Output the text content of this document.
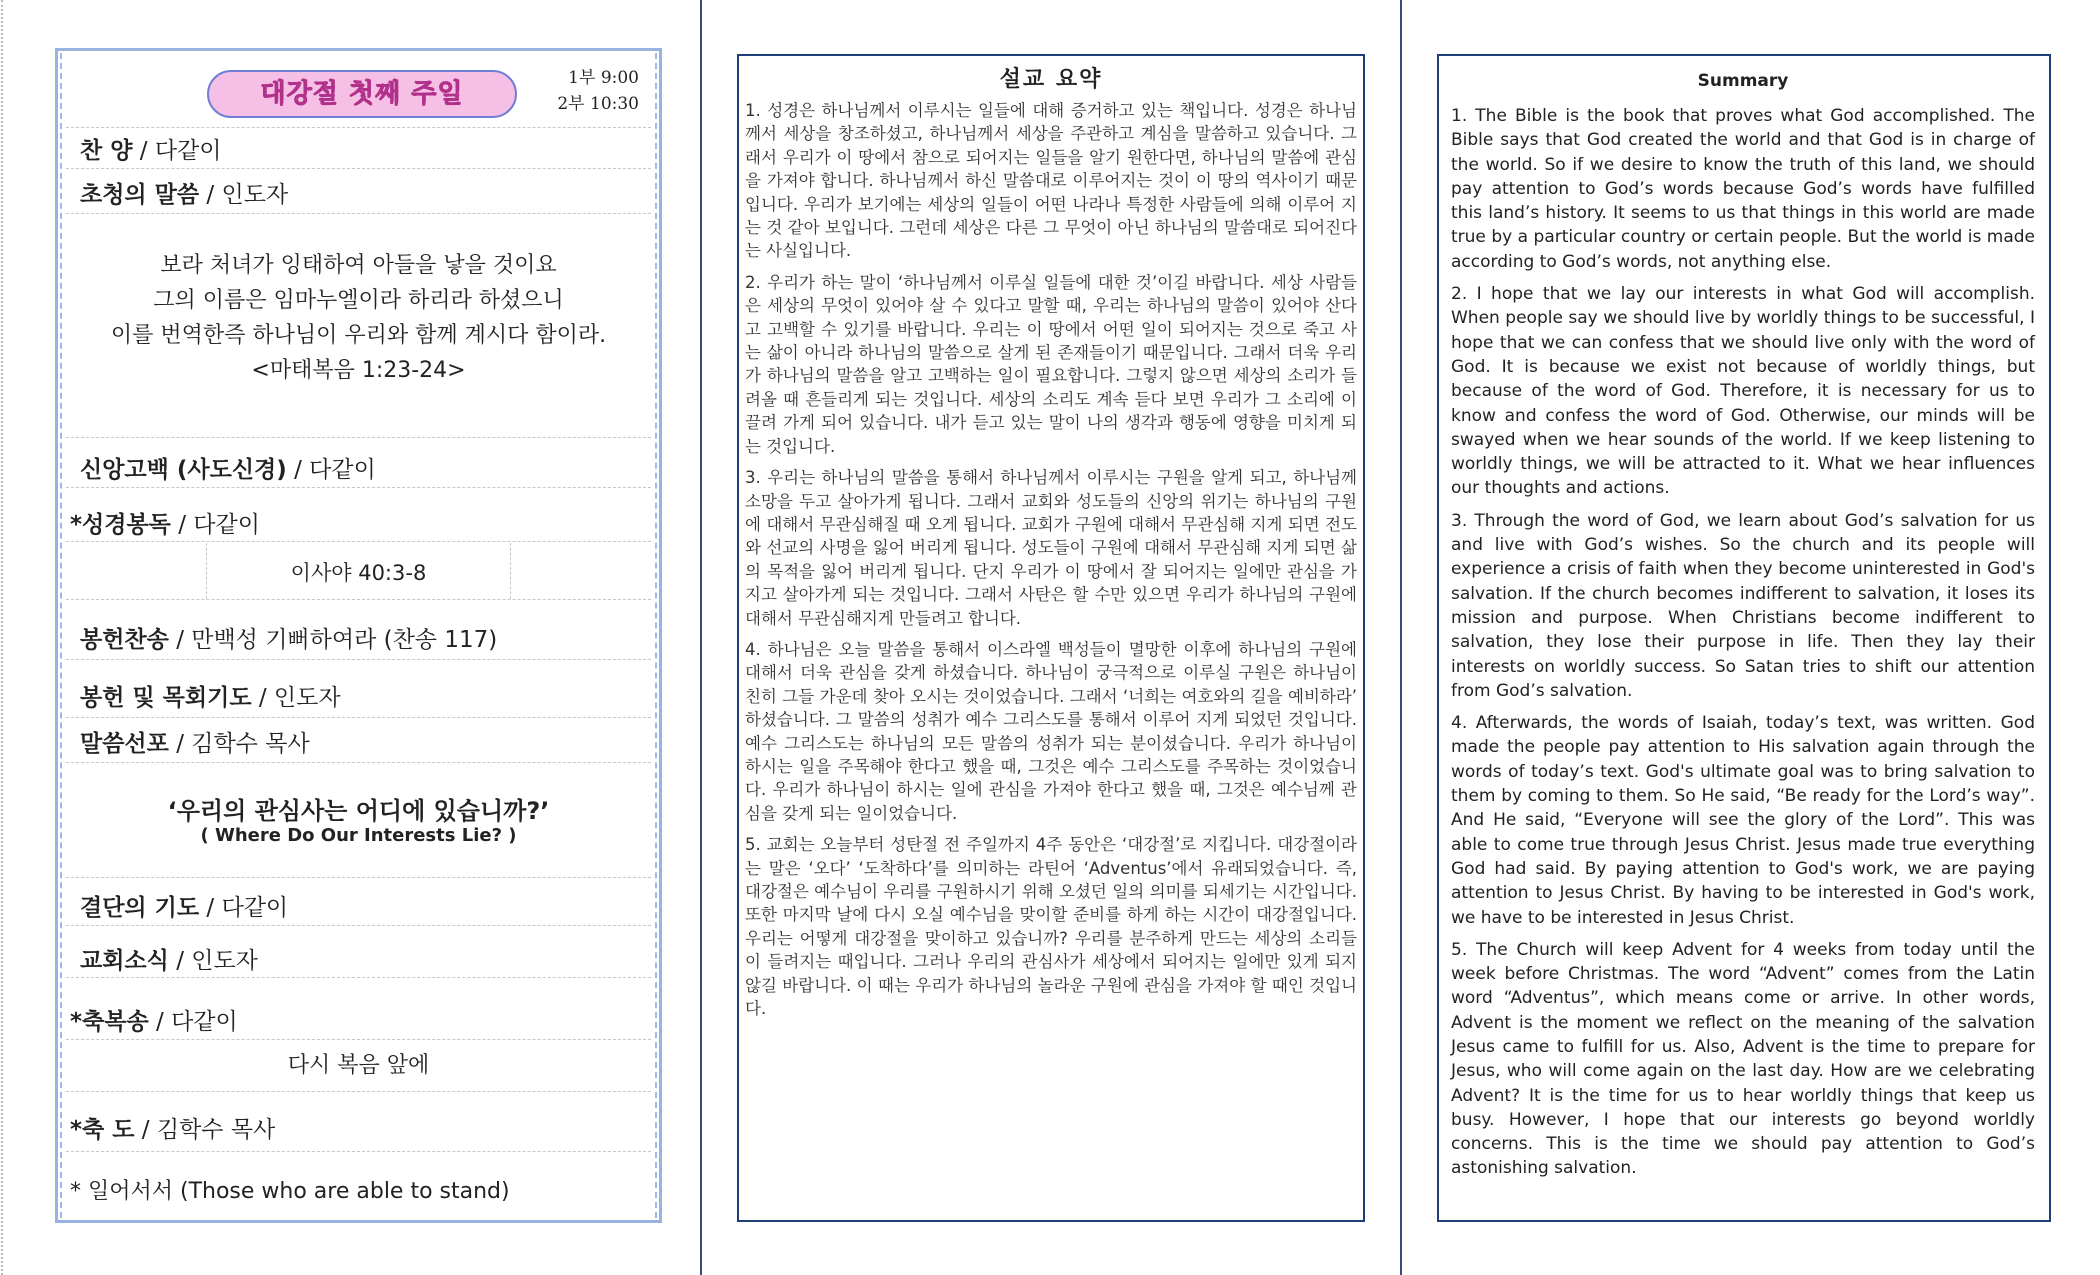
대강절 첫째 주일
1부 9:00
2부 10:30
찬 양 / 다같이
초청의 말씀 / 인도자
보라 처녀가 잉태하여 아들을 낳을 것이요
그의 이름은 임마누엘이라 하리라 하셨으니
이를 번역한즉 하나님이 우리와 함께 계시다 함이라.
<마태복음 1:23-24>
신앙고백 (사도신경) / 다같이
*성경봉독 / 다같이
이사야 40:3-8
봉헌찬송 / 만백성 기뻐하여라 (찬송 117)
봉헌 및 목회기도 / 인도자
말씀선포 / 김학수 목사
‘우리의 관심사는 어디에 있습니까?’
( Where Do Our Interests Lie? )
결단의 기도 / 다같이
교회소식 / 인도자
*축복송 / 다같이
다시 복음 앞에
*축 도 / 김학수 목사
* 일어서서 (Those who are able to stand)
설교 요약

1. 성경은 하나님께서 이루시는 일들에 대해 증거하고 있는 책입니다. 성경은 하나님께서 세상을 창조하셨고, 하나님께서 세상을 주관하고 계심을 말씀하고 있습니다. 그래서 우리가 이 땅에서 참으로 되어지는 일들을 알기 원한다면, 하나님의 말씀에 관심을 가져야 합니다. 하나님께서 하신 말씀대로 이루어지는 것이 이 땅의 역사이기 때문입니다. 우리가 보기에는 세상의 일들이 어떤 나라나 특정한 사람들에 의해 이루어 지는 것 같아 보입니다. 그런데 세상은 다른 그 무엇이 아닌 하나님의 말씀대로 되어진다는 사실입니다.

2. 우리가 하는 말이 ‘하나님께서 이루실 일들에 대한 것’이길 바랍니다. 세상 사람들은 세상의 무엇이 있어야 살 수 있다고 말할 때, 우리는 하나님의 말씀이 있어야 산다고 고백할 수 있기를 바랍니다. 우리는 이 땅에서 어떤 일이 되어지는 것으로 죽고 사는 삶이 아니라 하나님의 말씀으로 살게 된 존재들이기 때문입니다. 그래서 더욱 우리가 하나님의 말씀을 알고 고백하는 일이 필요합니다. 그렇지 않으면 세상의 소리가 들려올 때 흔들리게 되는 것입니다. 세상의 소리도 계속 듣다 보면 우리가 그 소리에 이끌려 가게 되어 있습니다. 내가 듣고 있는 말이 나의 생각과 행동에 영향을 미치게 되는 것입니다.

3. 우리는 하나님의 말씀을 통해서 하나님께서 이루시는 구원을 알게 되고, 하나님께 소망을 두고 살아가게 됩니다. 그래서 교회와 성도들의 신앙의 위기는 하나님의 구원에 대해서 무관심해질 때 오게 됩니다. 교회가 구원에 대해서 무관심해 지게 되면 전도와 선교의 사명을 잃어 버리게 됩니다. 성도들이 구원에 대해서 무관심해 지게 되면 삶의 목적을 잃어 버리게 됩니다. 단지 우리가 이 땅에서 잘 되어지는 일에만 관심을 가지고 살아가게 되는 것입니다. 그래서 사탄은 할 수만 있으면 우리가 하나님의 구원에 대해서 무관심해지게 만들려고 합니다.

4. 하나님은 오늘 말씀을 통해서 이스라엘 백성들이 멸망한 이후에 하나님의 구원에 대해서 더욱 관심을 갖게 하셨습니다. 하나님이 궁극적으로 이루실 구원은 하나님이 친히 그들 가운데 찾아 오시는 것이었습니다. 그래서 ‘너희는 여호와의 길을 예비하라’ 하셨습니다. 그 말씀의 성취가 예수 그리스도를 통해서 이루어 지게 되었던 것입니다. 예수 그리스도는 하나님의 모든 말씀의 성취가 되는 분이셨습니다. 우리가 하나님이 하시는 일을 주목해야 한다고 했을 때, 그것은 예수 그리스도를 주목하는 것이었습니다. 우리가 하나님이 하시는 일에 관심을 가져야 한다고 했을 때, 그것은 예수님께 관심을 갖게 되는 일이었습니다.

5. 교회는 오늘부터 성탄절 전 주일까지 4주 동안은 ‘대강절’로 지킵니다. 대강절이라는 말은 ‘오다’ ‘도착하다’를 의미하는 라틴어 ‘Adventus’에서 유래되었습니다. 즉, 대강절은 예수님이 우리를 구원하시기 위해 오셨던 일의 의미를 되세기는 시간입니다. 또한 마지막 날에 다시 오실 예수님을 맞이할 준비를 하게 하는 시간이 대강절입니다. 우리는 어떻게 대강절을 맞이하고 있습니까? 우리를 분주하게 만드는 세상의 소리들이 들려지는 때입니다. 그러나 우리의 관심사가 세상에서 되어지는 일에만 있게 되지 않길 바랍니다. 이 때는 우리가 하나님의 놀라운 구원에 관심을 가져야 할 때인 것입니다.

Summary

1. The Bible is the book that proves what God accomplished. The Bible says that God created the world and that God is in charge of the world. So if we desire to know the truth of this land, we should pay attention to God’s words because God’s words have fulfilled this land’s history. It seems to us that things in this world are made true by a particular country or certain people. But the world is made according to God’s words, not anything else.

2. I hope that we lay our interests in what God will accomplish. When people say we should live by worldly things to be successful, I hope that we can confess that we should live only with the word of God. It is because we exist not because of worldly things, but because of the word of God. Therefore, it is necessary for us to know and confess the word of God. Otherwise, our minds will be swayed when we hear sounds of the world. If we keep listening to worldly things, we will be attracted to it. What we hear influences our thoughts and actions.

3. Through the word of God, we learn about God’s salvation for us and live with God’s wishes. So the church and its people will experience a crisis of faith when they become uninterested in God's salvation. If the church becomes indifferent to salvation, it loses its mission and purpose. When Christians become indifferent to salvation, they lose their purpose in life. Then they lay their interests on worldly success. So Satan tries to shift our attention from God’s salvation.

4. Afterwards, the words of Isaiah, today’s text, was written. God made the people pay attention to His salvation again through the words of today’s text. God's ultimate goal was to bring salvation to them by coming to them. So He said, “Be ready for the Lord’s way”. And He said, “Everyone will see the glory of the Lord”. This was able to come true through Jesus Christ. Jesus made true everything God had said. By paying attention to God's work, we are paying attention to Jesus Christ. By having to be interested in God's work, we have to be interested in Jesus Christ.

5. The Church will keep Advent for 4 weeks from today until the week before Christmas. The word “Advent” comes from the Latin word “Adventus”, which means come or arrive. In other words, Advent is the moment we reflect on the meaning of the salvation Jesus came to fulfill for us. Also, Advent is the time to prepare for Jesus, who will come again on the last day. How are we celebrating Advent? It is the time for us to hear worldly things that keep us busy. However, I hope that our interests go beyond worldly concerns. This is the time we should pay attention to God’s astonishing salvation.
